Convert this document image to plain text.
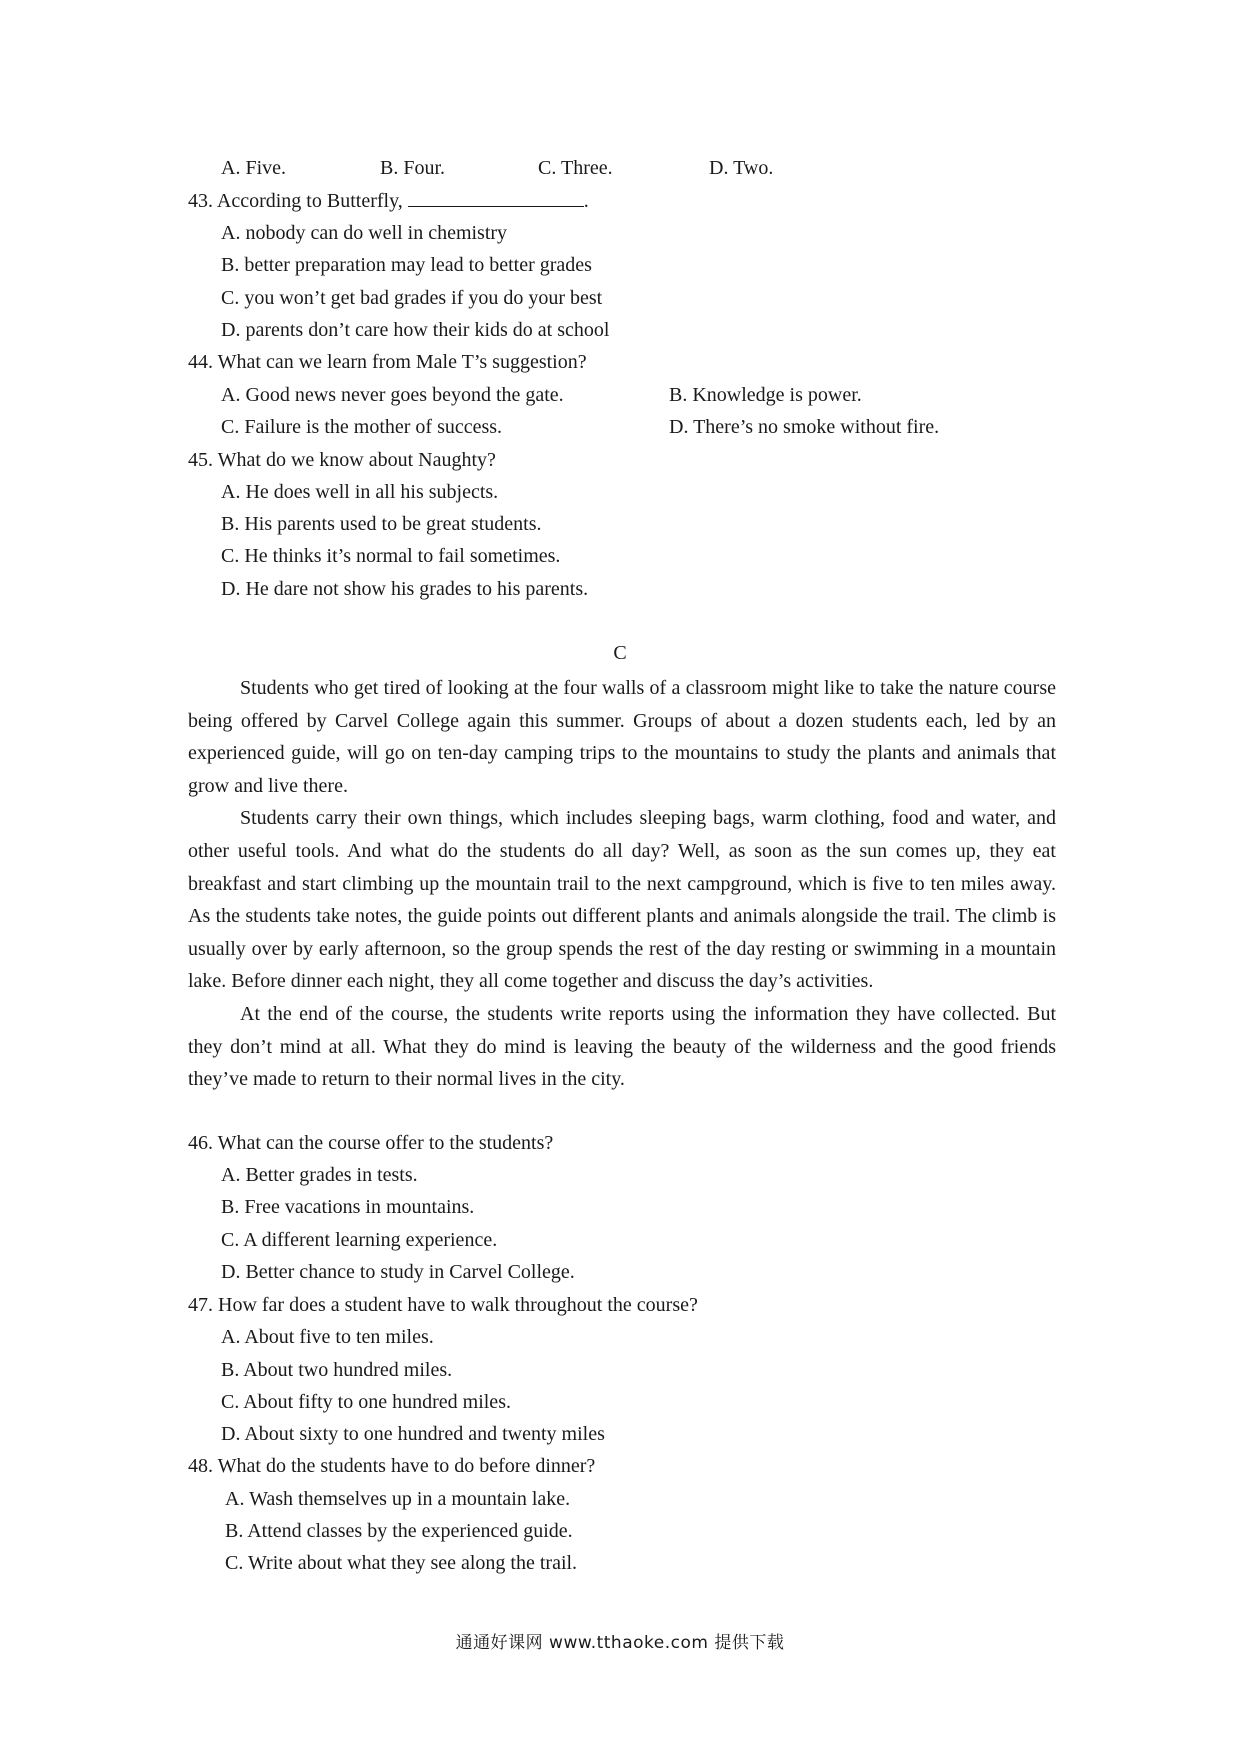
A. Five.	B. Four.	C. Three.	D. Two.
43. According to Butterfly,	.
A. nobody can do well in chemistry
B. better preparation may lead to better grades
C. you won’t get bad grades if you do your best
D. parents don’t care how their kids do at school
44. What can we learn from Male T’s suggestion?
A. Good news never goes beyond the gate.	B. Knowledge is power.
C. Failure is the mother of success.	D. There’s no smoke without fire.
45. What do we know about Naughty?
A. He does well in all his subjects.
B. His parents used to be great students.
C. He thinks it’s normal to fail sometimes.
D. He dare not show his grades to his parents.
C

Students who get tired of looking at the four walls of a classroom might like to take the nature course being offered by Carvel College again this summer. Groups of about a dozen students each, led by an experienced guide, will go on ten-day camping trips to the mountains to study the plants and animals that grow and live there.

Students carry their own things, which includes sleeping bags, warm clothing, food and water, and other useful tools. And what do the students do all day? Well, as soon as the sun comes up, they eat breakfast and start climbing up the mountain trail to the next campground, which is five to ten miles away. As the students take notes, the guide points out different plants and animals alongside the trail. The climb is usually over by early afternoon, so the group spends the rest of the day resting or swimming in a mountain lake. Before dinner each night, they all come together and discuss the day’s activities.

At the end of the course, the students write reports using the information they have collected. But they don’t mind at all. What they do mind is leaving the beauty of the wilderness and the good friends they’ve made to return to their normal lives in the city.

46. What can the course offer to the students?
A. Better grades in tests.
B. Free vacations in mountains.
C. A different learning experience.
D. Better chance to study in Carvel College.
47. How far does a student have to walk throughout the course?
A. About five to ten miles.
B. About two hundred miles.
C. About fifty to one hundred miles.
D. About sixty to one hundred and twenty miles
48. What do the students have to do before dinner?
A. Wash themselves up in a mountain lake.
B. Attend classes by the experienced guide.
C. Write about what they see along the trail.
通通好课网 www.tthaoke.com 提供下载
